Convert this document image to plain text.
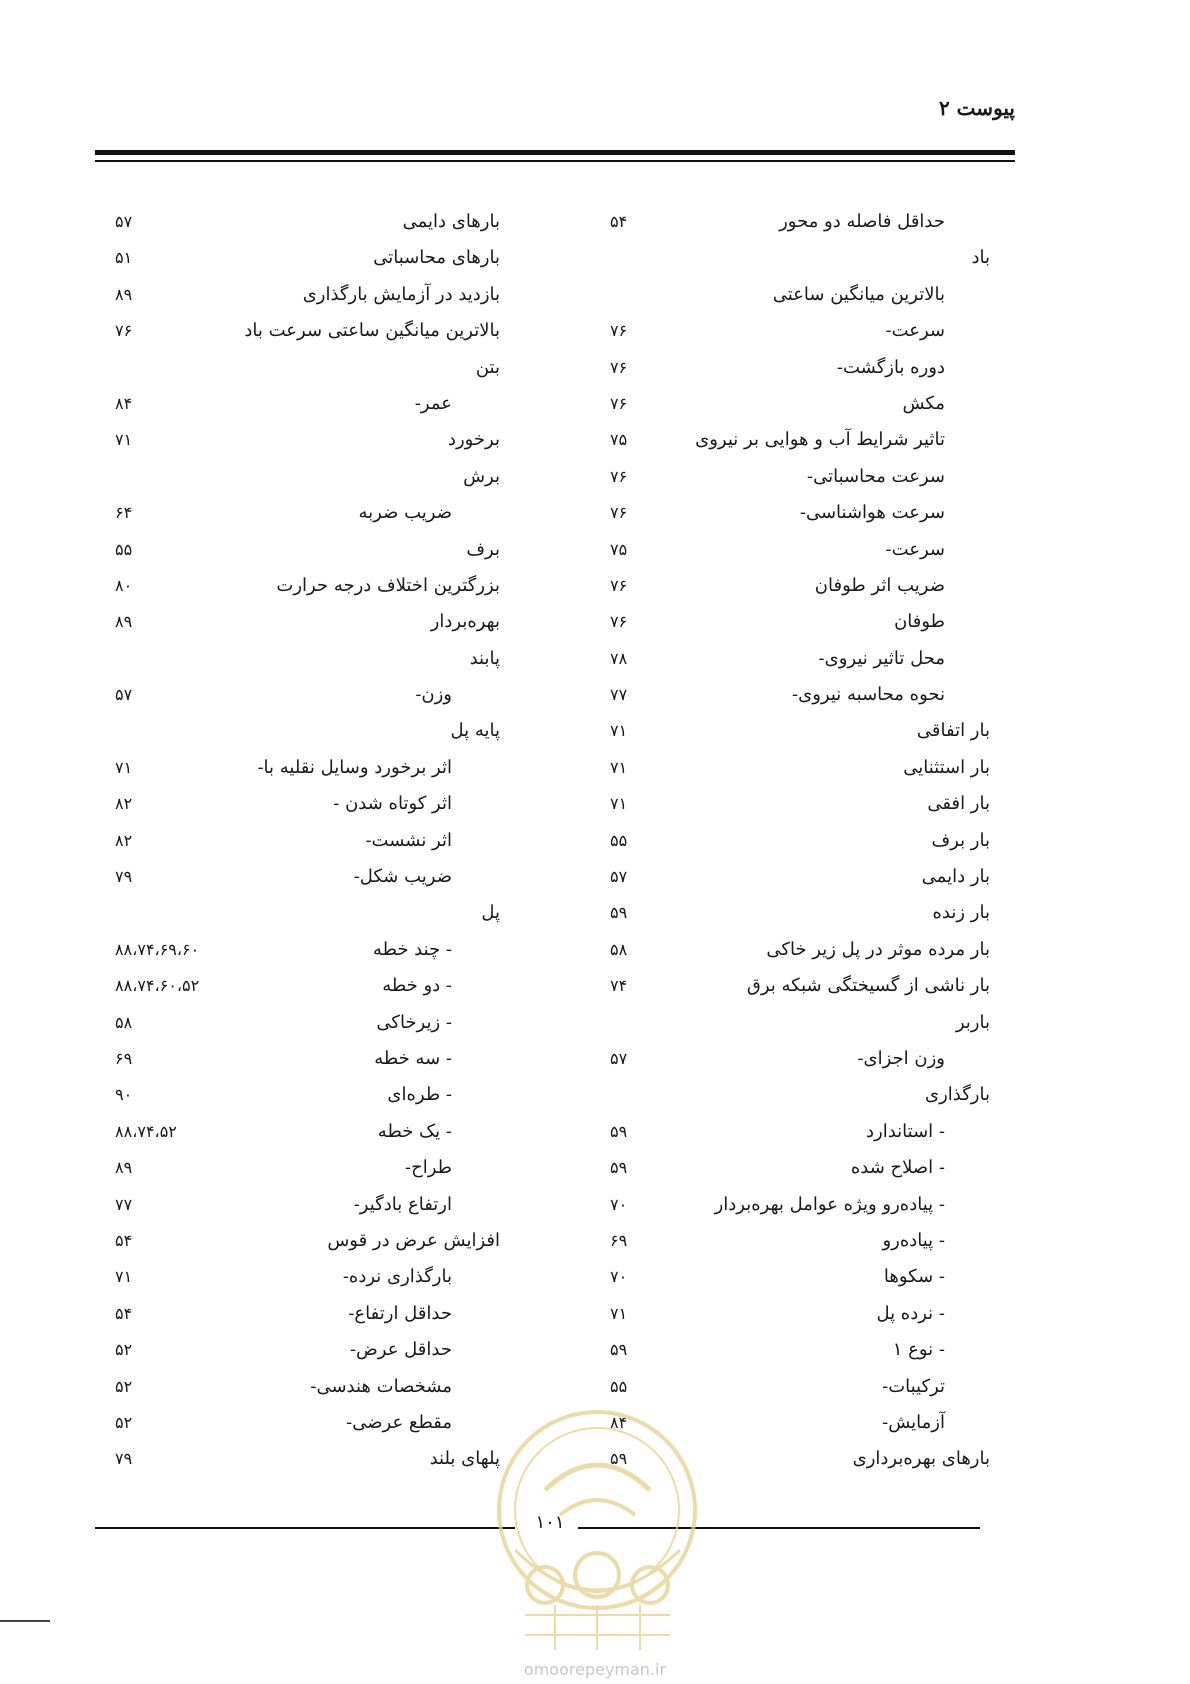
پیوست ۲
حداقل فاصله دو محور
۵۴
باد
بالاترین میانگین ساعتی
سرعت-
۷۶
دوره بازگشت-
۷۶
مکش
۷۶
تاثیر شرایط آب و هوایی بر نیروی
۷۵
سرعت محاسباتی-
۷۶
سرعت هواشناسی-
۷۶
سرعت-
۷۵
ضریب اثر طوفان
۷۶
طوفان
۷۶
محل تاثیر نیروی-
۷۸
نحوه محاسبه نیروی-
۷۷
بار اتفاقی
۷۱
بار استثنایی
۷۱
بار افقی
۷۱
بار برف
۵۵
بار دایمی
۵۷
بار زنده
۵۹
بار مرده موثر در پل زیر خاکی
۵۸
بار ناشی از گسیختگی شبکه برق
۷۴
باربر
وزن اجزای-
۵۷
بارگذاری
- استاندارد
۵۹
- اصلاح شده
۵۹
- پیاده‌رو ویژه عوامل بهره‌بردار
۷۰
- پیاده‌رو
۶۹
- سکوها
۷۰
- نرده پل
۷۱
- نوع ۱
۵۹
ترکیبات-
۵۵
آزمایش-
۸۴
بارهای بهره‌برداری
۵۹
بارهای دایمی
۵۷
بارهای محاسباتی
۵۱
بازدید در آزمایش بارگذاری
۸۹
بالاترین میانگین ساعتی سرعت باد
۷۶
بتن
عمر-
۸۴
برخورد
۷۱
برش
ضریب ضربه
۶۴
برف
۵۵
بزرگترین اختلاف درجه حرارت
۸۰
بهره‌بردار
۸۹
پابند
وزن-
۵۷
پایه پل
اثر برخورد وسایل نقلیه با-
۷۱
اثر کوتاه شدن -
۸۲
اثر نشست-
۸۲
ضریب شکل-
۷۹
پل
- چند خطه
۸۸،۷۴،۶۹،۶۰
- دو خطه
۸۸،۷۴،۶۰،۵۲
- زیرخاکی
۵۸
- سه خطه
۶۹
- طره‌ای
۹۰
- یک خطه
۸۸،۷۴،۵۲
طراح-
۸۹
ارتفاع بادگیر-
۷۷
افزایش عرض در قوس
۵۴
بارگذاری نرده-
۷۱
حداقل ارتفاع-
۵۴
حداقل عرض-
۵۲
مشخصات هندسی-
۵۲
مقطع عرضی-
۵۲
پلهای بلند
۷۹
۱۰۱
omoorepeyman.ir
